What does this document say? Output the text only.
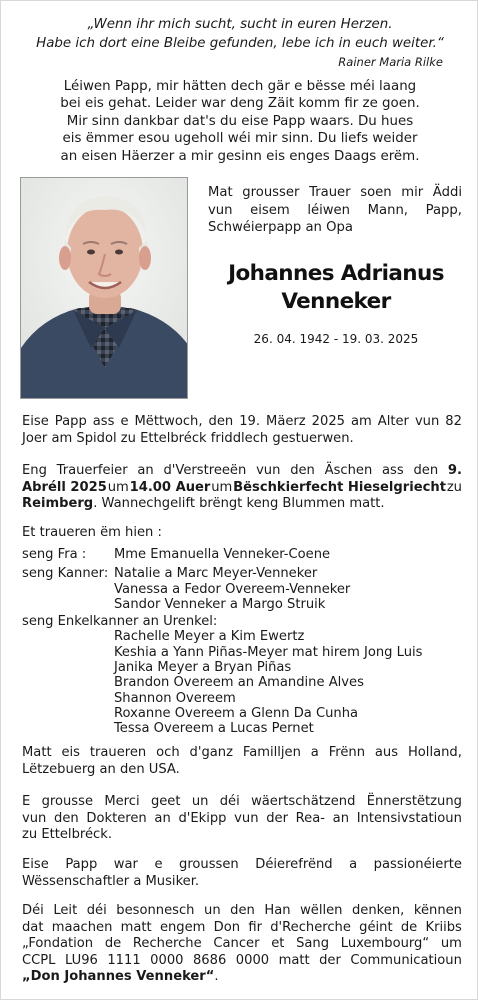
„Wenn ihr mich sucht, sucht in euren Herzen.
Habe ich dort eine Bleibe gefunden, lebe ich in euch weiter.“
Rainer Maria Rilke
Léiwen Papp, mir hätten dech gär e bësse méi laang
bei eis gehat. Leider war deng Zäit komm fir ze goen.
Mir sinn dankbar dat's du eise Papp waars. Du hues
eis ëmmer esou ugeholl wéi mir sinn. Du liefs weider
an eisen Häerzer a mir gesinn eis enges Daags erëm.
Mat grousser Trauer soen mir Äddi
vun eisem léiwen Mann, Papp,
Schwéierpapp an Opa
Johannes Adrianus
Venneker
26. 04. 1942 - 19. 03. 2025
Eise Papp ass e Mëttwoch, den 19. Mäerz 2025 am Alter vun 82
Joer am Spidol zu Ettelbréck friddlech gestuerwen.
Eng Trauerfeier an d'Verstreeën vun den Äschen ass den 9.
Abréll 2025 um 14.00 Auer um Bëschkierfecht Hieselgriecht zu
Reimberg. Wannechgelift brëngt keng Blummen matt.
Et traueren ëm hien :
seng Fra : Mme Emanuella Venneker-Coene
seng Kanner: Natalie a Marc Meyer-Venneker
Vanessa a Fedor Overeem-Venneker
Sandor Venneker a Margo Struik
seng Enkelkanner an Urenkel:
Rachelle Meyer a Kim Ewertz
Keshia a Yann Piñas-Meyer mat hirem Jong Luis
Janika Meyer a Bryan Piñas
Brandon Overeem an Amandine Alves
Shannon Overeem
Roxanne Overeem a Glenn Da Cunha
Tessa Overeem a Lucas Pernet
Matt eis traueren och d'ganz Familljen a Frënn aus Holland,
Lëtzebuerg an den USA.
E grousse Merci geet un déi wäertschätzend Ënnerstëtzung
vun den Dokteren an d'Ekipp vun der Rea- an Intensivstatioun
zu Ettelbréck.
Eise Papp war e groussen Déierefrënd a passionéierte
Wëssenschaftler a Musiker.
Déi Leit déi besonnesch un den Han wëllen denken, kënnen
dat maachen matt engem Don fir d'Recherche géint de Kriibs
„Fondation de Recherche Cancer et Sang Luxembourg“ um
CCPL LU96 1111 0000 8686 0000 matt der Communicatioun
„Don Johannes Venneker“.
